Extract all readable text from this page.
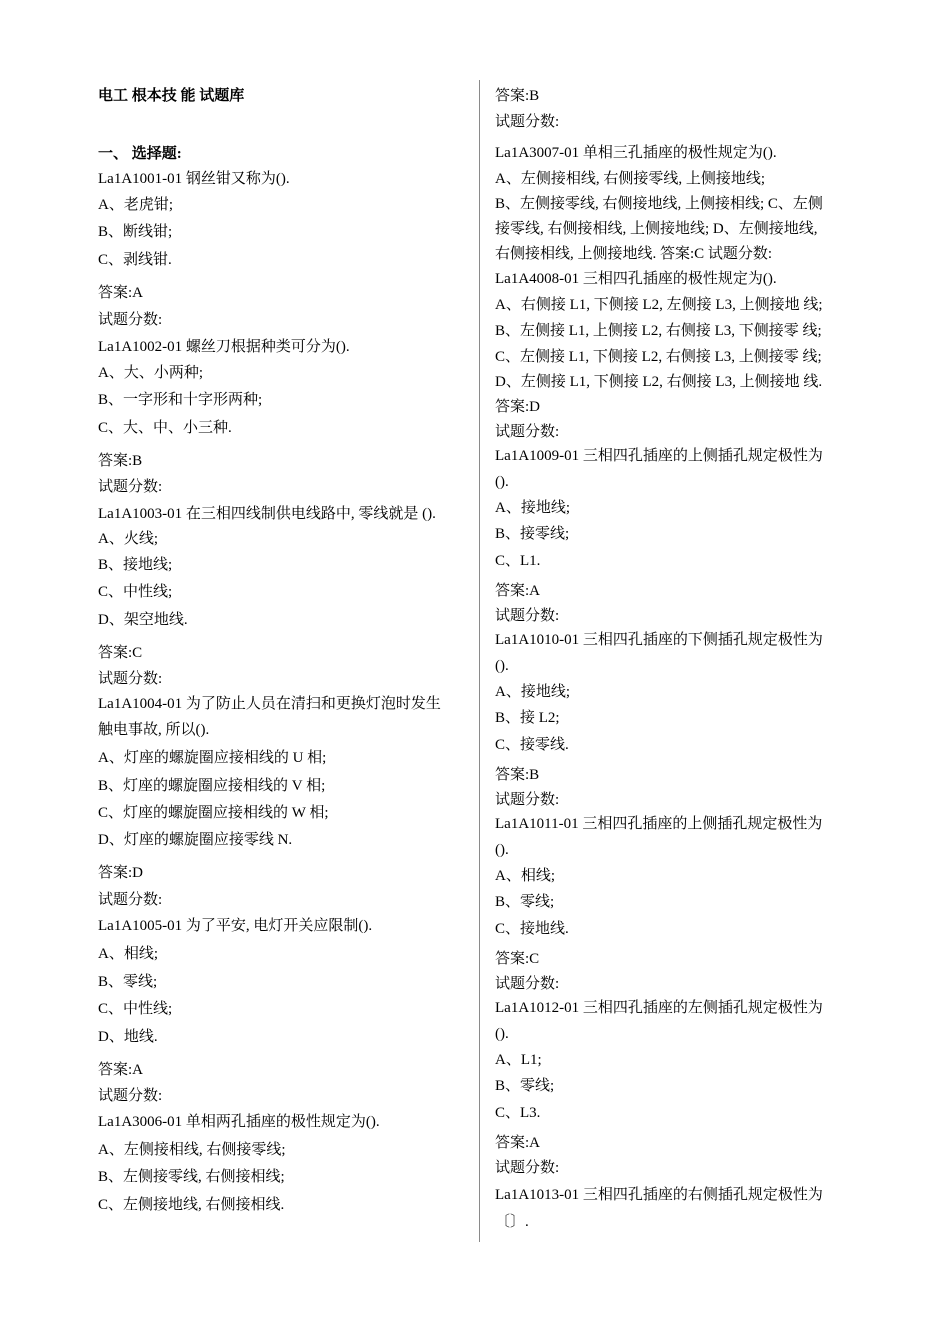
电工 根本技 能 试题库
一、 选择题:
La1A1001-01 钢丝钳又称为().
A、老虎钳;
B、断线钳;
C、剥线钳.
答案:A
试题分数:
La1A1002-01 螺丝刀根据种类可分为().
A、大、小两种;
B、一字形和十字形两种;
C、大、中、小三种.
答案:B
试题分数:
La1A1003-01 在三相四线制供电线路中, 零线就是 ().
A、火线;
B、接地线;
C、中性线;
D、架空地线.
答案:C
试题分数:
La1A1004-01 为了防止人员在清扫和更换灯泡时发生
触电事故, 所以().
A、灯座的螺旋圈应接相线的 U 相;
B、灯座的螺旋圈应接相线的 V 相;
C、灯座的螺旋圈应接相线的 W 相;
D、灯座的螺旋圈应接零线 N.
答案:D
试题分数:
La1A1005-01 为了平安, 电灯开关应限制().
A、相线;
B、零线;
C、中性线;
D、地线.
答案:A
试题分数:
La1A3006-01 单相两孔插座的极性规定为().
A、左侧接相线, 右侧接零线;
B、左侧接零线, 右侧接相线;
C、左侧接地线, 右侧接相线.
答案:B
试题分数:
La1A3007-01 单相三孔插座的极性规定为().
A、左侧接相线, 右侧接零线, 上侧接地线;
B、左侧接零线, 右侧接地线, 上侧接相线; C、左侧
接零线, 右侧接相线, 上侧接地线; D、左侧接地线,
右侧接相线, 上侧接地线. 答案:C 试题分数:
La1A4008-01 三相四孔插座的极性规定为().
A、右侧接 L1, 下侧接 L2, 左侧接 L3, 上侧接地 线;
B、左侧接 L1, 上侧接 L2, 右侧接 L3, 下侧接零 线;
C、左侧接 L1, 下侧接 L2, 右侧接 L3, 上侧接零 线;
D、左侧接 L1, 下侧接 L2, 右侧接 L3, 上侧接地 线.
答案:D
试题分数:
La1A1009-01 三相四孔插座的上侧插孔规定极性为
().
A、接地线;
B、接零线;
C、L1.
答案:A
试题分数:
La1A1010-01 三相四孔插座的下侧插孔规定极性为
().
A、接地线;
B、接 L2;
C、接零线.
答案:B
试题分数:
La1A1011-01 三相四孔插座的上侧插孔规定极性为
().
A、相线;
B、零线;
C、接地线.
答案:C
试题分数:
La1A1012-01 三相四孔插座的左侧插孔规定极性为
().
A、L1;
B、零线;
C、L3.
答案:A
试题分数:
La1A1013-01 三相四孔插座的右侧插孔规定极性为
〔〕.
